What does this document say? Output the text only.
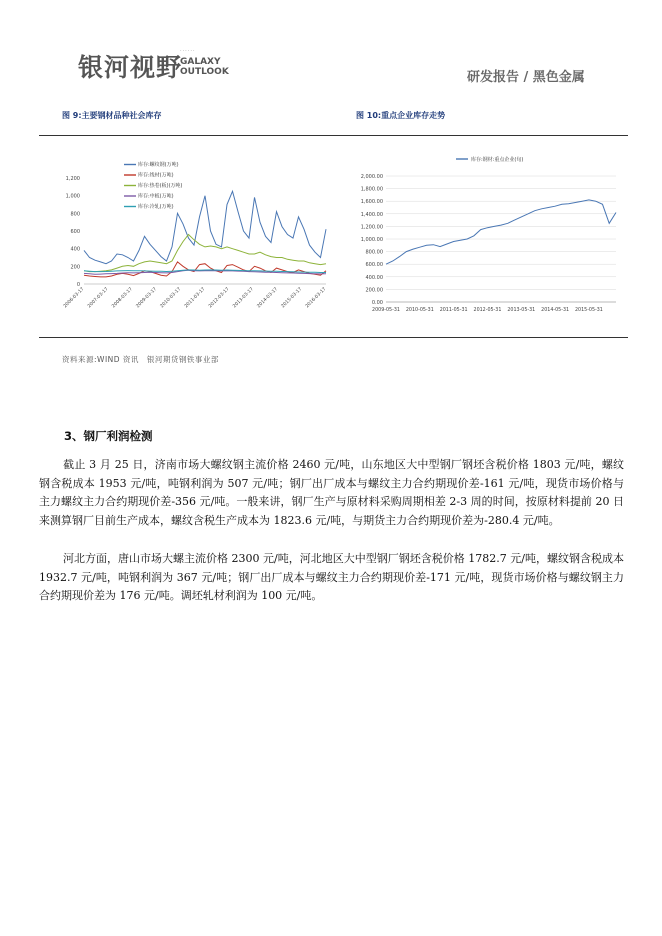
银河视野
······
GALAXY
OUTLOOK	研发报告 / 黑色金属
图 9:主要钢材品种社会库存	图 10:重点企业库存走势
1,200
1,000
800
600
400
200
0
2006-03-17 2007-03-17 2008-03-17 2009-03-17 2010-03-17 2011-03-17 2012-03-17 2013-03-17 2014-03-17 2015-03-17 2016-03-17
库存:螺纹钢(万吨)
库存:线材(万吨)
库存:热卷(板)(万吨)
库存:中板(万吨)
库存:冷轧(万吨)
2,000.00
1,800.00
1,600.00
1,400.00
1,200.00
1,000.00
800.00
600.00
400.00
200.00
0.00
2009-05-31 2010-05-31 2011-05-31 2012-05-31 2013-05-31 2014-05-31 2015-05-31
库存:钢材:重点企业(旬)
资料来源:WIND 资讯　银河期货钢铁事业部
3、钢厂利润检测
截止 3 月 25 日，济南市场大螺纹钢主流价格 2460 元/吨，山东地区大中型钢厂钢坯含税价格 1803 元/吨，螺纹钢含税成本 1953 元/吨，吨钢利润为 507 元/吨；钢厂出厂成本与螺纹主力合约期现价差-161 元/吨，现货市场价格与主力螺纹主力合约期现价差-356 元/吨。一般来讲，钢厂生产与原材料采购周期相差 2-3 周的时间，按原材料提前 20 日来测算钢厂目前生产成本，螺纹含税生产成本为 1823.6 元/吨，与期货主力合约期现价差为-280.4 元/吨。
河北方面，唐山市场大螺主流价格 2300 元/吨，河北地区大中型钢厂钢坯含税价格 1782.7 元/吨，螺纹钢含税成本 1932.7 元/吨，吨钢利润为 367 元/吨；钢厂出厂成本与螺纹主力合约期现价差-171 元/吨，现货市场价格与螺纹钢主力合约期现价差为 176 元/吨。调坯轧材利润为 100 元/吨。
